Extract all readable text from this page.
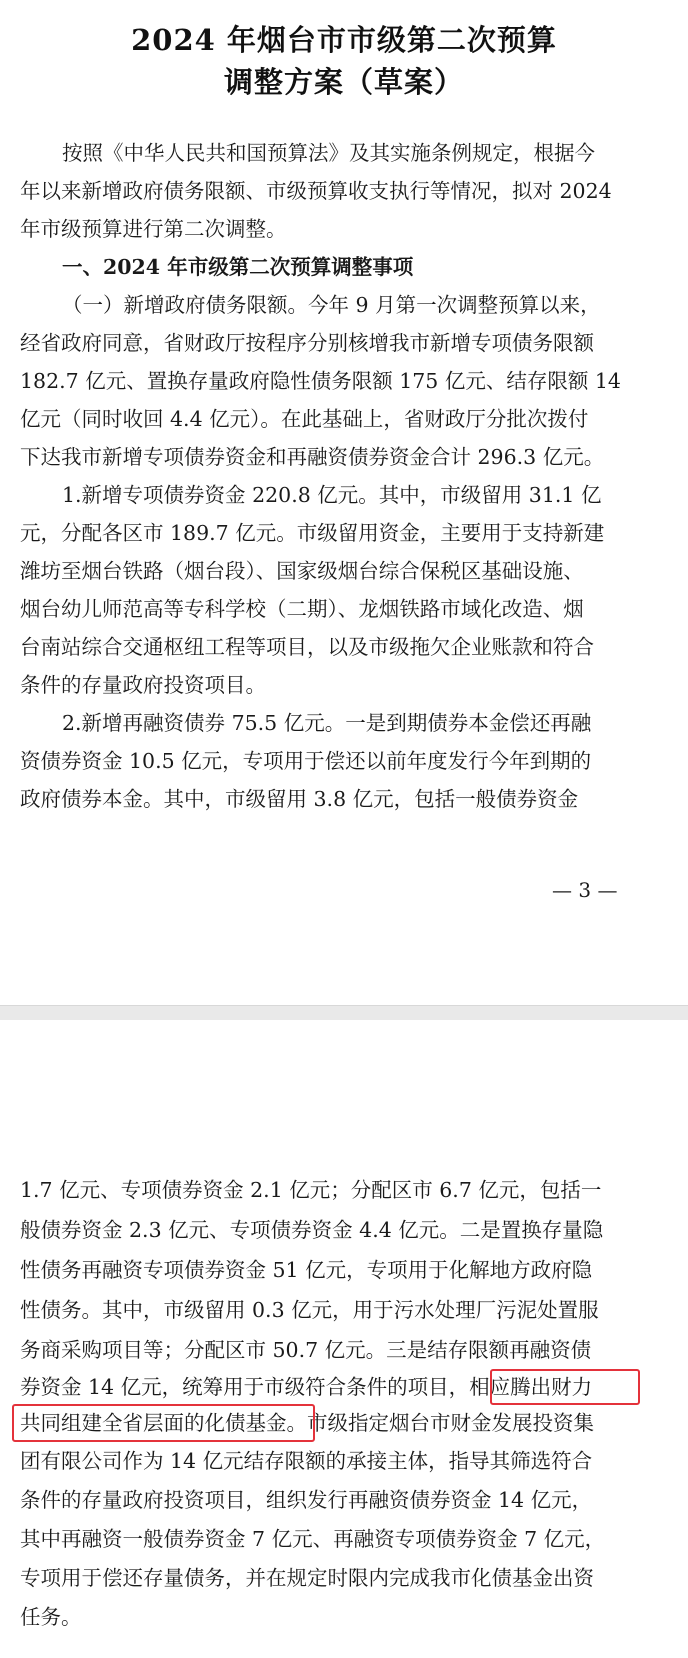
2024 年烟台市市级第二次预算
调整方案（草案）
按照《中华人民共和国预算法》及其实施条例规定，根据今
年以来新增政府债务限额、市级预算收支执行等情况，拟对 2024
年市级预算进行第二次调整。
一、2024 年市级第二次预算调整事项
（一）新增政府债务限额。今年 9 月第一次调整预算以来，
经省政府同意，省财政厅按程序分别核增我市新增专项债务限额
182.7 亿元、置换存量政府隐性债务限额 175 亿元、结存限额 14
亿元（同时收回 4.4 亿元）。在此基础上，省财政厅分批次拨付
下达我市新增专项债券资金和再融资债券资金合计 296.3 亿元。
1.新增专项债券资金 220.8 亿元。其中，市级留用 31.1 亿
元，分配各区市 189.7 亿元。市级留用资金，主要用于支持新建
潍坊至烟台铁路（烟台段）、国家级烟台综合保税区基础设施、
烟台幼儿师范高等专科学校（二期）、龙烟铁路市域化改造、烟
台南站综合交通枢纽工程等项目，以及市级拖欠企业账款和符合
条件的存量政府投资项目。
2.新增再融资债券 75.5 亿元。一是到期债券本金偿还再融
资债券资金 10.5 亿元，专项用于偿还以前年度发行今年到期的
政府债券本金。其中，市级留用 3.8 亿元，包括一般债券资金
— 3 —
1.7 亿元、专项债券资金 2.1 亿元；分配区市 6.7 亿元，包括一
般债券资金 2.3 亿元、专项债券资金 4.4 亿元。二是置换存量隐
性债务再融资专项债券资金 51 亿元，专项用于化解地方政府隐
性债务。其中，市级留用 0.3 亿元，用于污水处理厂污泥处置服
务商采购项目等；分配区市 50.7 亿元。三是结存限额再融资债
券资金 14 亿元，统筹用于市级符合条件的项目，相应腾出财力
共同组建全省层面的化债基金。市级指定烟台市财金发展投资集
团有限公司作为 14 亿元结存限额的承接主体，指导其筛选符合
条件的存量政府投资项目，组织发行再融资债券资金 14 亿元，
其中再融资一般债券资金 7 亿元、再融资专项债券资金 7 亿元，
专项用于偿还存量债务，并在规定时限内完成我市化债基金出资
任务。
